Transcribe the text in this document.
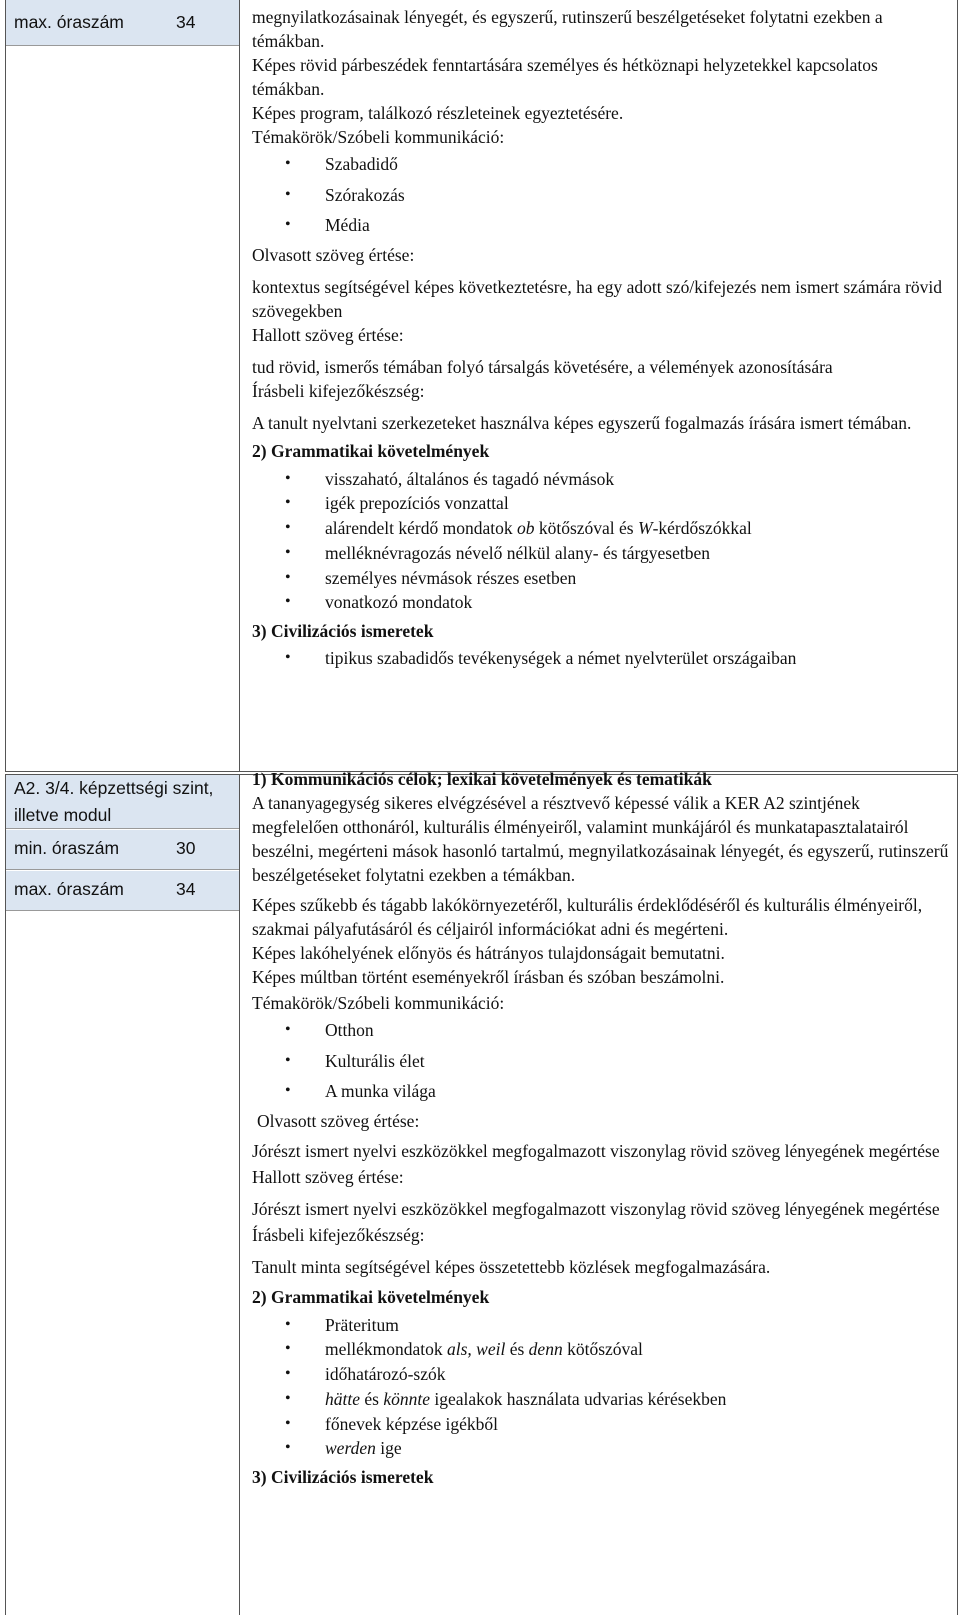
max. óraszám	34	megnyilatkozásainak lényegét, és egyszerű, rutinszerű beszélgetéseket folytatni ezekben a témákban.

Képes rövid párbeszédek fenntartására személyes és hétköznapi helyzetekkel kapcsolatos témákban.

Képes program, találkozó részleteinek egyeztetésére.

Témakörök/Szóbeli kommunikáció:

• Szabadidő
• Szórakozás
• Média

Olvasott szöveg értése:

kontextus segítségével képes következtetésre, ha egy adott szó/kifejezés nem ismert számára rövid szövegekben

Hallott szöveg értése:

tud rövid, ismerős témában folyó társalgás követésére, a vélemények azonosítására

Írásbeli kifejezőkészség:

A tanult nyelvtani szerkezeteket használva képes egyszerű fogalmazás írására ismert témában.

2) Grammatikai követelmények

• visszaható, általános és tagadó névmások
• igék prepozíciós vonzattal
• alárendelt kérdő mondatok ob kötőszóval és W-kérdőszókkal
• melléknévragozás névelő nélkül alany- és tárgyesetben
• személyes névmások részes esetben
• vonatkozó mondatok

3) Civilizációs ismeretek

• tipikus szabadidős tevékenységek a német nyelvterület országaiban
A2. 3/4. képzettségi szint, illetve modul
min. óraszám	30
max. óraszám	34

1) Kommunikációs célok; lexikai követelmények és tematikák

A tananyagegység sikeres elvégzésével a résztvevő képessé válik a KER A2 szintjének megfelelően otthonáról, kulturális élményeiről, valamint munkájáról és munkatapasztalatairól beszélni, megérteni mások hasonló tartalmú, megnyilatkozásainak lényegét, és egyszerű, rutinszerű beszélgetéseket folytatni ezekben a témákban.

Képes szűkebb és tágabb lakókörnyezetéről, kulturális érdeklődéséről és kulturális élményeiről, szakmai pályafutásáról és céljairól információkat adni és megérteni.

Képes lakóhelyének előnyös és hátrányos tulajdonságait bemutatni.

Képes múltban történt eseményekről írásban és szóban beszámolni.

Témakörök/Szóbeli kommunikáció:

• Otthon
• Kulturális élet
• A munka világa

Olvasott szöveg értése:

Jórészt ismert nyelvi eszközökkel megfogalmazott viszonylag rövid szöveg lényegének megértése

Hallott szöveg értése:

Jórészt ismert nyelvi eszközökkel megfogalmazott viszonylag rövid szöveg lényegének megértése

Írásbeli kifejezőkészség:

Tanult minta segítségével képes összetettebb közlések megfogalmazására.

2) Grammatikai követelmények

• Präteritum
• mellékmondatok als, weil és denn kötőszóval
• időhatározó-szók
• hätte és könnte igealakok használata udvarias kérésekben
• főnevek képzése igékből
• werden ige

3) Civilizációs ismeretek
